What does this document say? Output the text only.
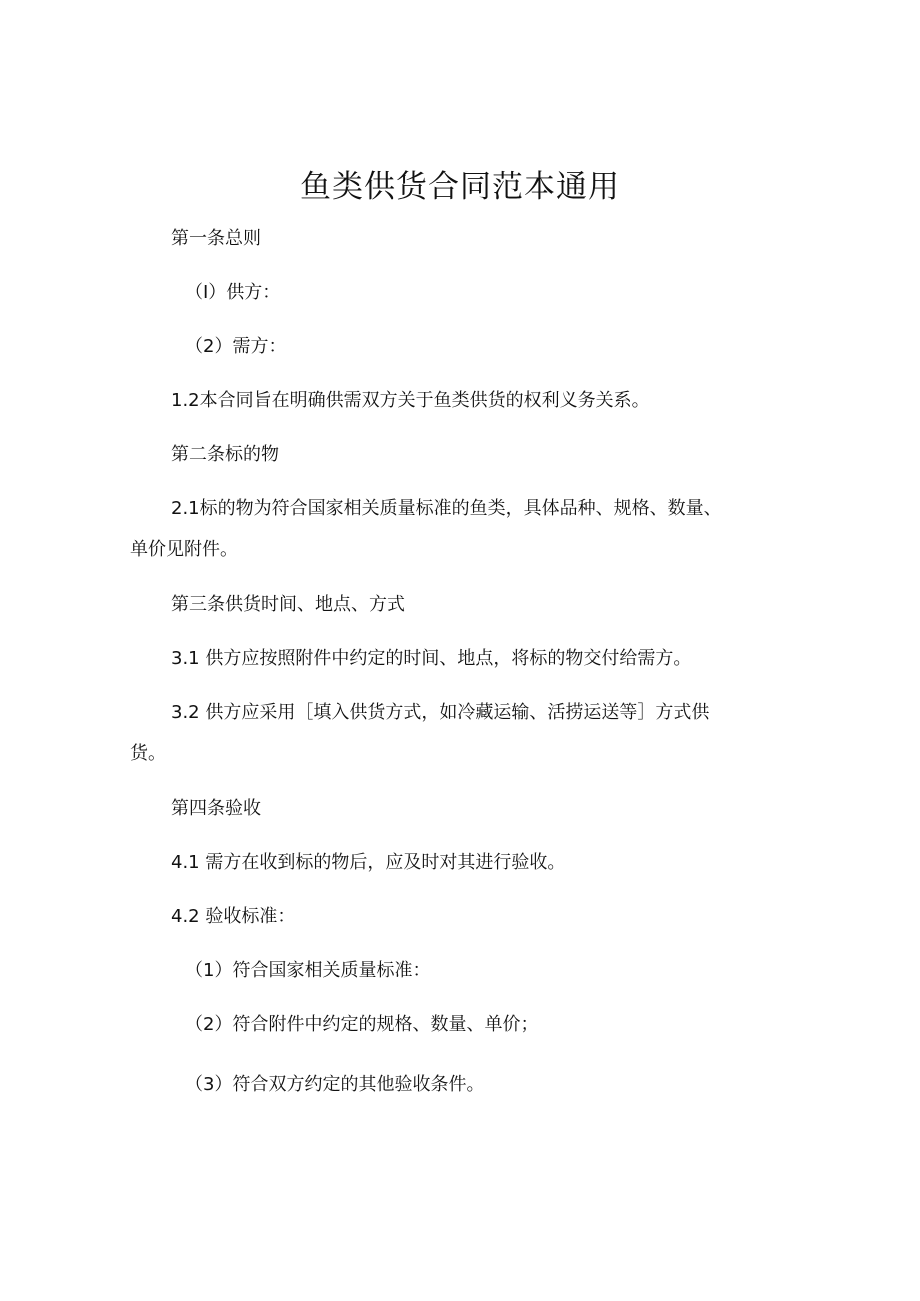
鱼类供货合同范本通用
第一条总则
（I）供方：
（2）需方：
1.2本合同旨在明确供需双方关于鱼类供货的权利义务关系。
第二条标的物
2.1标的物为符合国家相关质量标准的鱼类，具体品种、规格、数量、
单价见附件。
第三条供货时间、地点、方式
3.1 供方应按照附件中约定的时间、地点，将标的物交付给需方。
3.2 供方应采用［填入供货方式，如冷藏运输、活捞运送等］方式供
货。
第四条验收
4.1 需方在收到标的物后，应及时对其进行验收。
4.2 验收标准：
（1）符合国家相关质量标准：
（2）符合附件中约定的规格、数量、单价；
（3）符合双方约定的其他验收条件。
